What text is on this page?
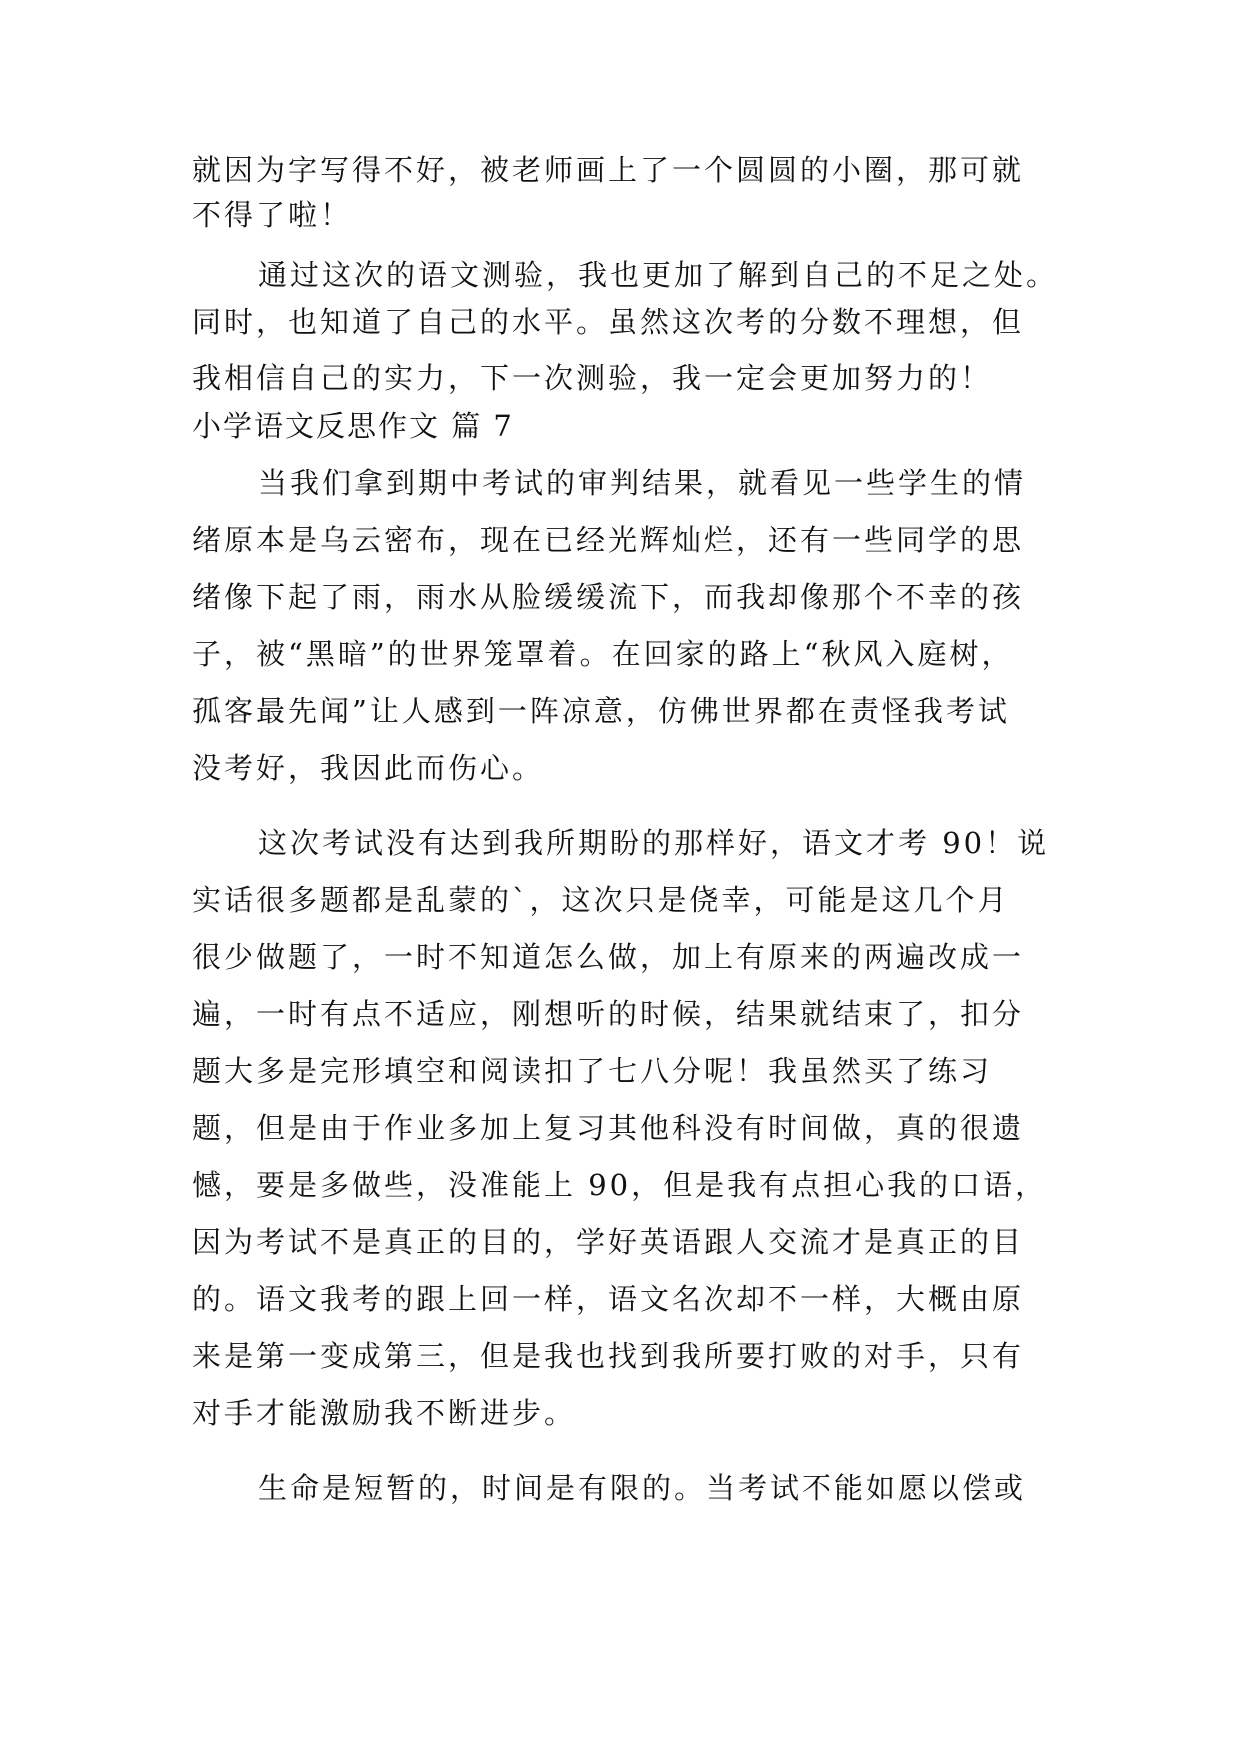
就因为字写得不好，被老师画上了一个圆圆的小圈，那可就
不得了啦！
通过这次的语文测验，我也更加了解到自己的不足之处。
同时，也知道了自己的水平。虽然这次考的分数不理想，但
我相信自己的实力，下一次测验，我一定会更加努力的！
小学语文反思作文 篇 7
当我们拿到期中考试的审判结果，就看见一些学生的情
绪原本是乌云密布，现在已经光辉灿烂，还有一些同学的思
绪像下起了雨，雨水从脸缓缓流下，而我却像那个不幸的孩
子，被“黑暗”的世界笼罩着。在回家的路上“秋风入庭树，
孤客最先闻”让人感到一阵凉意，仿佛世界都在责怪我考试
没考好，我因此而伤心。
这次考试没有达到我所期盼的那样好，语文才考 90！说
实话很多题都是乱蒙的`，这次只是侥幸，可能是这几个月
很少做题了，一时不知道怎么做，加上有原来的两遍改成一
遍，一时有点不适应，刚想听的时候，结果就结束了，扣分
题大多是完形填空和阅读扣了七八分呢！我虽然买了练习
题，但是由于作业多加上复习其他科没有时间做，真的很遗
憾，要是多做些，没准能上 90，但是我有点担心我的口语，
因为考试不是真正的目的，学好英语跟人交流才是真正的目
的。语文我考的跟上回一样，语文名次却不一样，大概由原
来是第一变成第三，但是我也找到我所要打败的对手，只有
对手才能激励我不断进步。
生命是短暂的，时间是有限的。当考试不能如愿以偿或
